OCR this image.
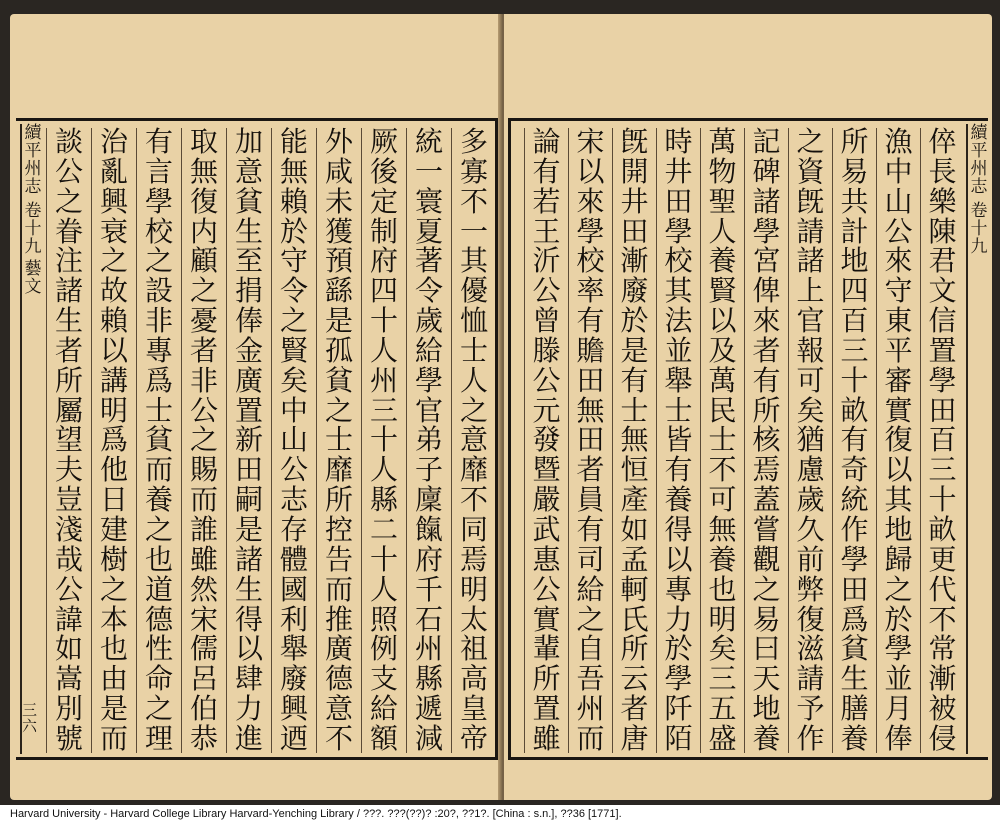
續
平
州
志
卷
十
九
藝
文
三六
多
寡
不
一
其
優
恤
士
人
之
意
靡
不
同
焉
明
太
祖
高
皇
帝
統
一
寰
夏
著
令
歲
給
學
官
弟
子
廩
餼
府
千
石
州
縣
遞
減
厥
後
定
制
府
四
十
人
州
三
十
人
縣
二
十
人
照
例
支
給
額
外
咸
未
獲
預
繇
是
孤
貧
之
士
靡
所
控
告
而
推
廣
德
意
不
能
無
賴
於
守
令
之
賢
矣
中
山
公
志
存
體
國
利
舉
廢
興
迺
加
意
貧
生
至
捐
俸
金
廣
置
新
田
嗣
是
諸
生
得
以
肆
力
進
取
無
復
内
顧
之
憂
者
非
公
之
賜
而
誰
雖
然
宋
儒
呂
伯
恭
有
言
學
校
之
設
非
專
爲
士
貧
而
養
之
也
道
德
性
命
之
理
治
亂
興
衰
之
故
賴
以
講
明
爲
他
日
建
樹
之
本
也
由
是
而
談
公
之
眷
注
諸
生
者
所
屬
望
夫
豈
淺
哉
公
諱
如
嵩
別
號
續
平
州
志
卷
十
九
倅
長
樂
陳
君
文
信
置
學
田
百
三
十
畝
更
代
不
常
漸
被
侵
漁
中
山
公
來
守
東
平
審
實
復
以
其
地
歸
之
於
學
並
月
俸
所
易
共
計
地
四
百
三
十
畝
有
奇
統
作
學
田
爲
貧
生
膳
養
之
資
旣
請
諸
上
官
報
可
矣
猶
慮
歲
久
前
弊
復
滋
請
予
作
記
碑
諸
學
宮
俾
來
者
有
所
核
焉
蓋
嘗
觀
之
易
曰
天
地
養
萬
物
聖
人
養
賢
以
及
萬
民
士
不
可
無
養
也
明
矣
三
五
盛
時
井
田
學
校
其
法
並
舉
士
皆
有
養
得
以
專
力
於
學
阡
陌
旣
開
井
田
漸
廢
於
是
有
士
無
恒
產
如
孟
軻
氏
所
云
者
唐
宋
以
來
學
校
率
有
贍
田
無
田
者
員
有
司
給
之
自
吾
州
而
論
有
若
王
沂
公
曾
滕
公
元
發
暨
嚴
武
惠
公
實
輩
所
置
雖
Harvard University - Harvard College Library Harvard-Yenching Library / ???. ???(??)? :20?, ??1?. [China : s.n.], ??36 [1771].
